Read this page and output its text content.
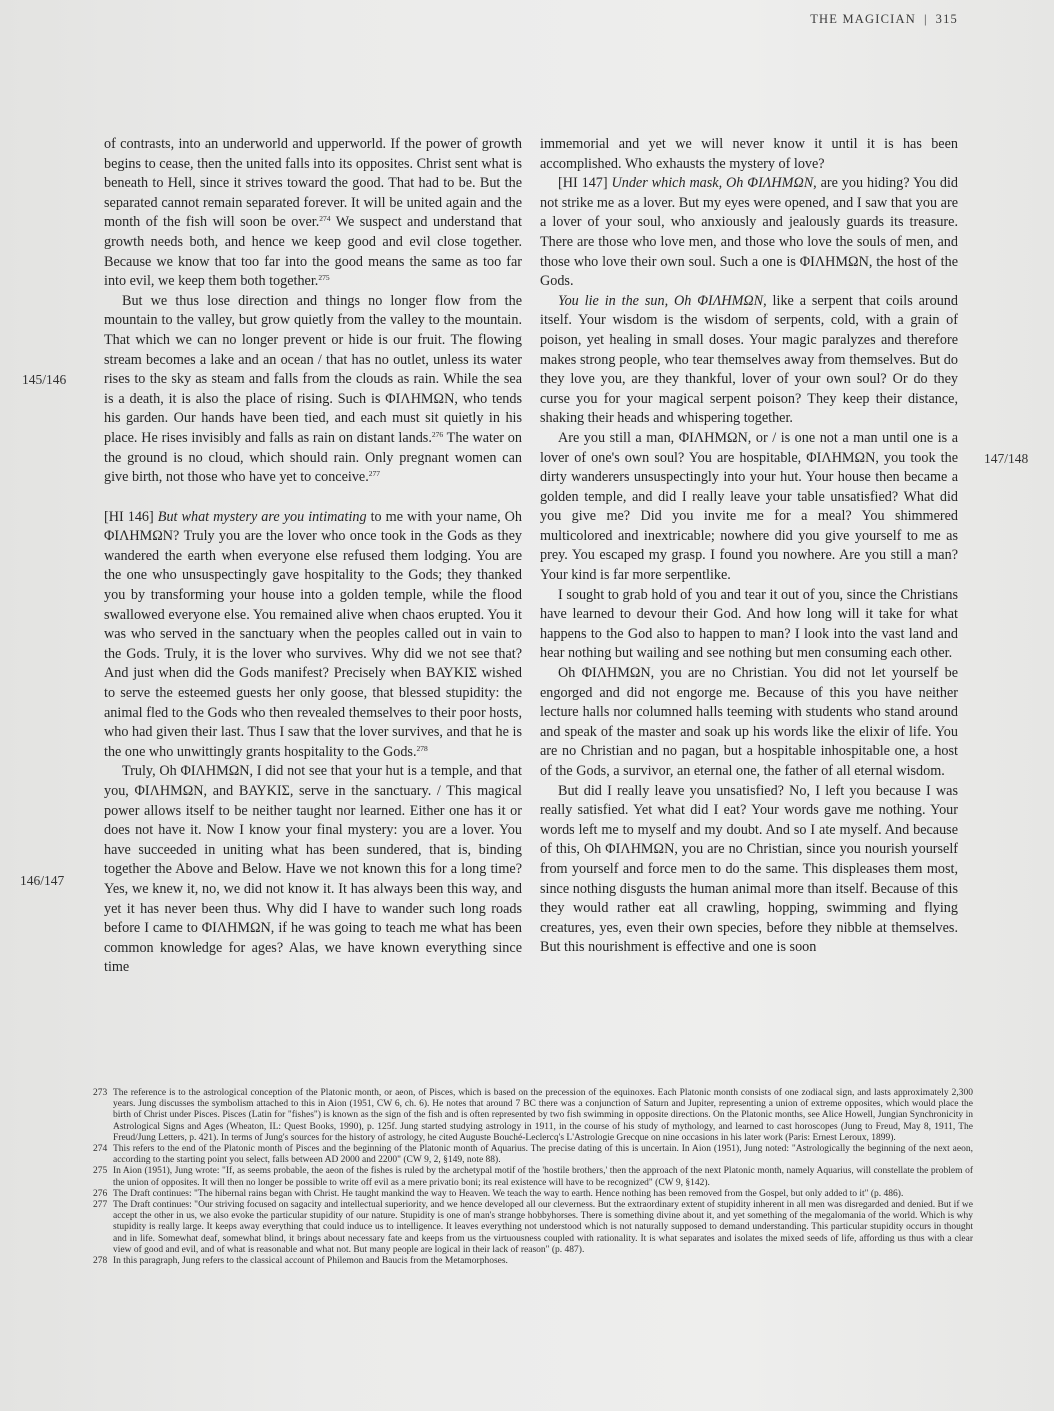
THE MAGICIAN | 315
145/146
147/148
146/147

of contrasts, into an underworld and upperworld. If the power of growth begins to cease, then the united falls into its opposites. Christ sent what is beneath to Hell, since it strives toward the good. That had to be. But the separated cannot remain separated forever. It will be united again and the month of the fish will soon be over.$^{274}$ We suspect and understand that growth needs both, and hence we keep good and evil close together. Because we know that too far into the good means the same as too far into evil, we keep them both together.$^{275}$

But we thus lose direction and things no longer flow from the mountain to the valley, but grow quietly from the valley to the mountain. That which we can no longer prevent or hide is our fruit. The flowing stream becomes a lake and an ocean / that has no outlet, unless its water rises to the sky as steam and falls from the clouds as rain. While the sea is a death, it is also the place of rising. Such is ΦΙΛΗΜΩΝ, who tends his garden. Our hands have been tied, and each must sit quietly in his place. He rises invisibly and falls as rain on distant lands.$^{276}$ The water on the ground is no cloud, which should rain. Only pregnant women can give birth, not those who have yet to conceive.$^{277}$

[HI 146] But what mystery are you intimating to me with your name, Oh ΦΙΛΗΜΩΝ? Truly you are the lover who once took in the Gods as they wandered the earth when everyone else refused them lodging. You are the one who unsuspectingly gave hospitality to the Gods; they thanked you by transforming your house into a golden temple, while the flood swallowed everyone else. You remained alive when chaos erupted. You it was who served in the sanctuary when the peoples called out in vain to the Gods. Truly, it is the lover who survives. Why did we not see that? And just when did the Gods manifest? Precisely when ΒΑΥΚΙΣ wished to serve the esteemed guests her only goose, that blessed stupidity: the animal fled to the Gods who then revealed themselves to their poor hosts, who had given their last. Thus I saw that the lover survives, and that he is the one who unwittingly grants hospitality to the Gods.$^{278}$

Truly, Oh ΦΙΛΗΜΩΝ, I did not see that your hut is a temple, and that you, ΦΙΛΗΜΩΝ, and ΒΑΥΚΙΣ, serve in the sanctuary. / This magical power allows itself to be neither taught nor learned. Either one has it or does not have it. Now I know your final mystery: you are a lover. You have succeeded in uniting what has been sundered, that is, binding together the Above and Below. Have we not known this for a long time? Yes, we knew it, no, we did not know it. It has always been this way, and yet it has never been thus. Why did I have to wander such long roads before I came to ΦΙΛΗΜΩΝ, if he was going to teach me what has been common knowledge for ages? Alas, we have known everything since time

immemorial and yet we will never know it until it is has been accomplished. Who exhausts the mystery of love?

[HI 147] Under which mask, Oh ΦΙΛΗΜΩΝ, are you hiding? You did not strike me as a lover. But my eyes were opened, and I saw that you are a lover of your soul, who anxiously and jealously guards its treasure. There are those who love men, and those who love the souls of men, and those who love their own soul. Such a one is ΦΙΛΗΜΩΝ, the host of the Gods.

You lie in the sun, Oh ΦΙΛΗΜΩΝ, like a serpent that coils around itself. Your wisdom is the wisdom of serpents, cold, with a grain of poison, yet healing in small doses. Your magic paralyzes and therefore makes strong people, who tear themselves away from themselves. But do they love you, are they thankful, lover of your own soul? Or do they curse you for your magical serpent poison? They keep their distance, shaking their heads and whispering together.

Are you still a man, ΦΙΛΗΜΩΝ, or / is one not a man until one is a lover of one's own soul? You are hospitable, ΦΙΛΗΜΩΝ, you took the dirty wanderers unsuspectingly into your hut. Your house then became a golden temple, and did I really leave your table unsatisfied? What did you give me? Did you invite me for a meal? You shimmered multicolored and inextricable; nowhere did you give yourself to me as prey. You escaped my grasp. I found you nowhere. Are you still a man? Your kind is far more serpentlike.

I sought to grab hold of you and tear it out of you, since the Christians have learned to devour their God. And how long will it take for what happens to the God also to happen to man? I look into the vast land and hear nothing but wailing and see nothing but men consuming each other.

Oh ΦΙΛΗΜΩΝ, you are no Christian. You did not let yourself be engorged and did not engorge me. Because of this you have neither lecture halls nor columned halls teeming with students who stand around and speak of the master and soak up his words like the elixir of life. You are no Christian and no pagan, but a hospitable inhospitable one, a host of the Gods, a survivor, an eternal one, the father of all eternal wisdom.

But did I really leave you unsatisfied? No, I left you because I was really satisfied. Yet what did I eat? Your words gave me nothing. Your words left me to myself and my doubt. And so I ate myself. And because of this, Oh ΦΙΛΗΜΩΝ, you are no Christian, since you nourish yourself from yourself and force men to do the same. This displeases them most, since nothing disgusts the human animal more than itself. Because of this they would rather eat all crawling, hopping, swimming and flying creatures, yes, even their own species, before they nibble at themselves. But this nourishment is effective and one is soon

273 The reference is to the astrological conception of the Platonic month, or aeon, of Pisces, which is based on the precession of the equinoxes. Each Platonic month consists of one zodiacal sign, and lasts approximately 2,300 years. Jung discusses the symbolism attached to this in Aion (1951, CW 6, ch. 6). He notes that around 7 BC there was a conjunction of Saturn and Jupiter, representing a union of extreme opposites, which would place the birth of Christ under Pisces. Pisces (Latin for "fishes") is known as the sign of the fish and is often represented by two fish swimming in opposite directions. On the Platonic months, see Alice Howell, Jungian Synchronicity in Astrological Signs and Ages (Wheaton, IL: Quest Books, 1990), p. 125f. Jung started studying astrology in 1911, in the course of his study of mythology, and learned to cast horoscopes (Jung to Freud, May 8, 1911, The Freud/Jung Letters, p. 421). In terms of Jung's sources for the history of astrology, he cited Auguste Bouché-Leclercq's L'Astrologie Grecque on nine occasions in his later work (Paris: Ernest Leroux, 1899).
274 This refers to the end of the Platonic month of Pisces and the beginning of the Platonic month of Aquarius. The precise dating of this is uncertain. In Aion (1951), Jung noted: "Astrologically the beginning of the next aeon, according to the starting point you select, falls between AD 2000 and 2200" (CW 9, 2, §149, note 88).
275 In Aion (1951), Jung wrote: "If, as seems probable, the aeon of the fishes is ruled by the archetypal motif of the 'hostile brothers,' then the approach of the next Platonic month, namely Aquarius, will constellate the problem of the union of opposites. It will then no longer be possible to write off evil as a mere privatio boni; its real existence will have to be recognized" (CW 9, §142).
276 The Draft continues: "The hibernal rains began with Christ. He taught mankind the way to Heaven. We teach the way to earth. Hence nothing has been removed from the Gospel, but only added to it" (p. 486).
277 The Draft continues: "Our striving focused on sagacity and intellectual superiority, and we hence developed all our cleverness. But the extraordinary extent of stupidity inherent in all men was disregarded and denied. But if we accept the other in us, we also evoke the particular stupidity of our nature. Stupidity is one of man's strange hobbyhorses. There is something divine about it, and yet something of the megalomania of the world. Which is why stupidity is really large. It keeps away everything that could induce us to intelligence. It leaves everything not understood which is not naturally supposed to demand understanding. This particular stupidity occurs in thought and in life. Somewhat deaf, somewhat blind, it brings about necessary fate and keeps from us the virtuousness coupled with rationality. It is what separates and isolates the mixed seeds of life, affording us thus with a clear view of good and evil, and of what is reasonable and what not. But many people are logical in their lack of reason" (p. 487).
278 In this paragraph, Jung refers to the classical account of Philemon and Baucis from the Metamorphoses.
